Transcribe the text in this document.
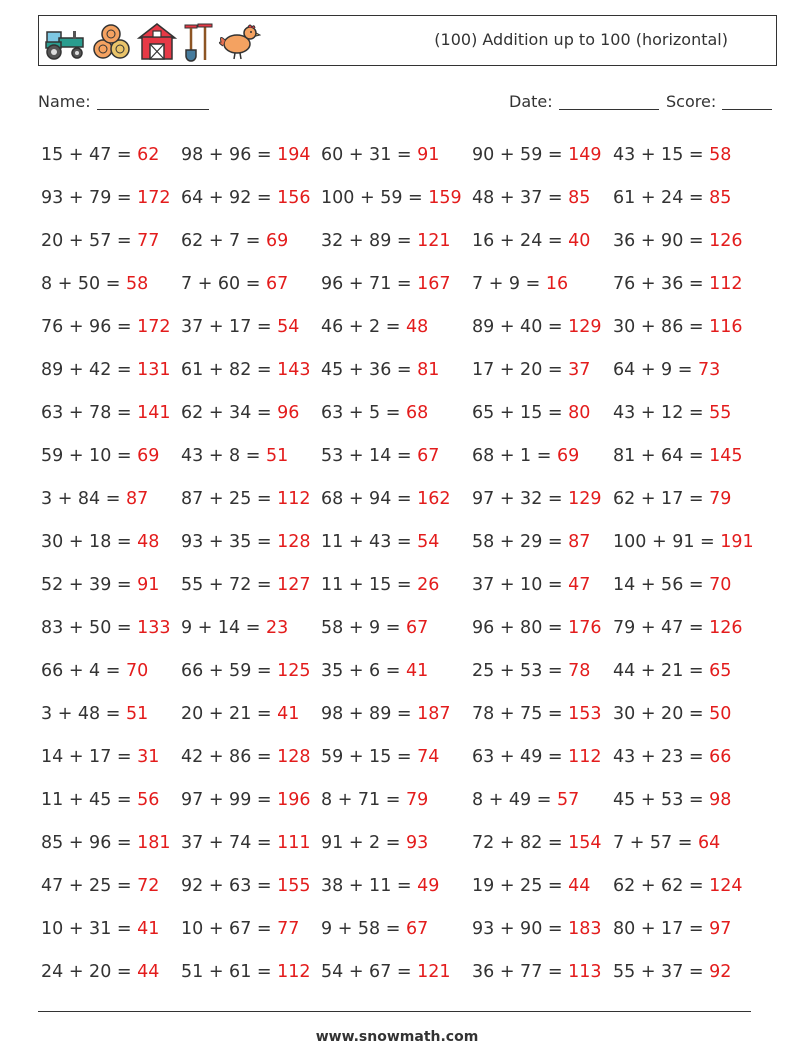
(100) Addition up to 100 (horizontal)
Name:	Date:	Score:
15 + 47 = 62	98 + 96 = 194 60 + 31 = 91	90 + 59 = 149 43 + 15 = 58
93 + 79 = 172 64 + 92 = 156 100 + 59 = 159 48 + 37 = 85	61 + 24 = 85
20 + 57 = 77	62 + 7 = 69	32 + 89 = 121	16 + 24 = 40	36 + 90 = 126
8 + 50 = 58	7 + 60 = 67	96 + 71 = 167	7 + 9 = 16	76 + 36 = 112
76 + 96 = 172 37 + 17 = 54	46 + 2 = 48	89 + 40 = 129 30 + 86 = 116
89 + 42 = 131 61 + 82 = 143 45 + 36 = 81	17 + 20 = 37	64 + 9 = 73
63 + 78 = 141 62 + 34 = 96	63 + 5 = 68	65 + 15 = 80	43 + 12 = 55
59 + 10 = 69	43 + 8 = 51	53 + 14 = 67	68 + 1 = 69	81 + 64 = 145
3 + 84 = 87	87 + 25 = 112 68 + 94 = 162	97 + 32 = 129 62 + 17 = 79
30 + 18 = 48	93 + 35 = 128 11 + 43 = 54	58 + 29 = 87	100 + 91 = 191
52 + 39 = 91	55 + 72 = 127 11 + 15 = 26	37 + 10 = 47	14 + 56 = 70
83 + 50 = 133 9 + 14 = 23	58 + 9 = 67	96 + 80 = 176 79 + 47 = 126
66 + 4 = 70	66 + 59 = 125 35 + 6 = 41	25 + 53 = 78	44 + 21 = 65
3 + 48 = 51	20 + 21 = 41	98 + 89 = 187	78 + 75 = 153 30 + 20 = 50
14 + 17 = 31	42 + 86 = 128 59 + 15 = 74	63 + 49 = 112 43 + 23 = 66
11 + 45 = 56	97 + 99 = 196 8 + 71 = 79	8 + 49 = 57	45 + 53 = 98
85 + 96 = 181 37 + 74 = 111 91 + 2 = 93	72 + 82 = 154 7 + 57 = 64
47 + 25 = 72	92 + 63 = 155 38 + 11 = 49	19 + 25 = 44	62 + 62 = 124
10 + 31 = 41	10 + 67 = 77	9 + 58 = 67	93 + 90 = 183 80 + 17 = 97
24 + 20 = 44	51 + 61 = 112 54 + 67 = 121	36 + 77 = 113 55 + 37 = 92
www.snowmath.com
